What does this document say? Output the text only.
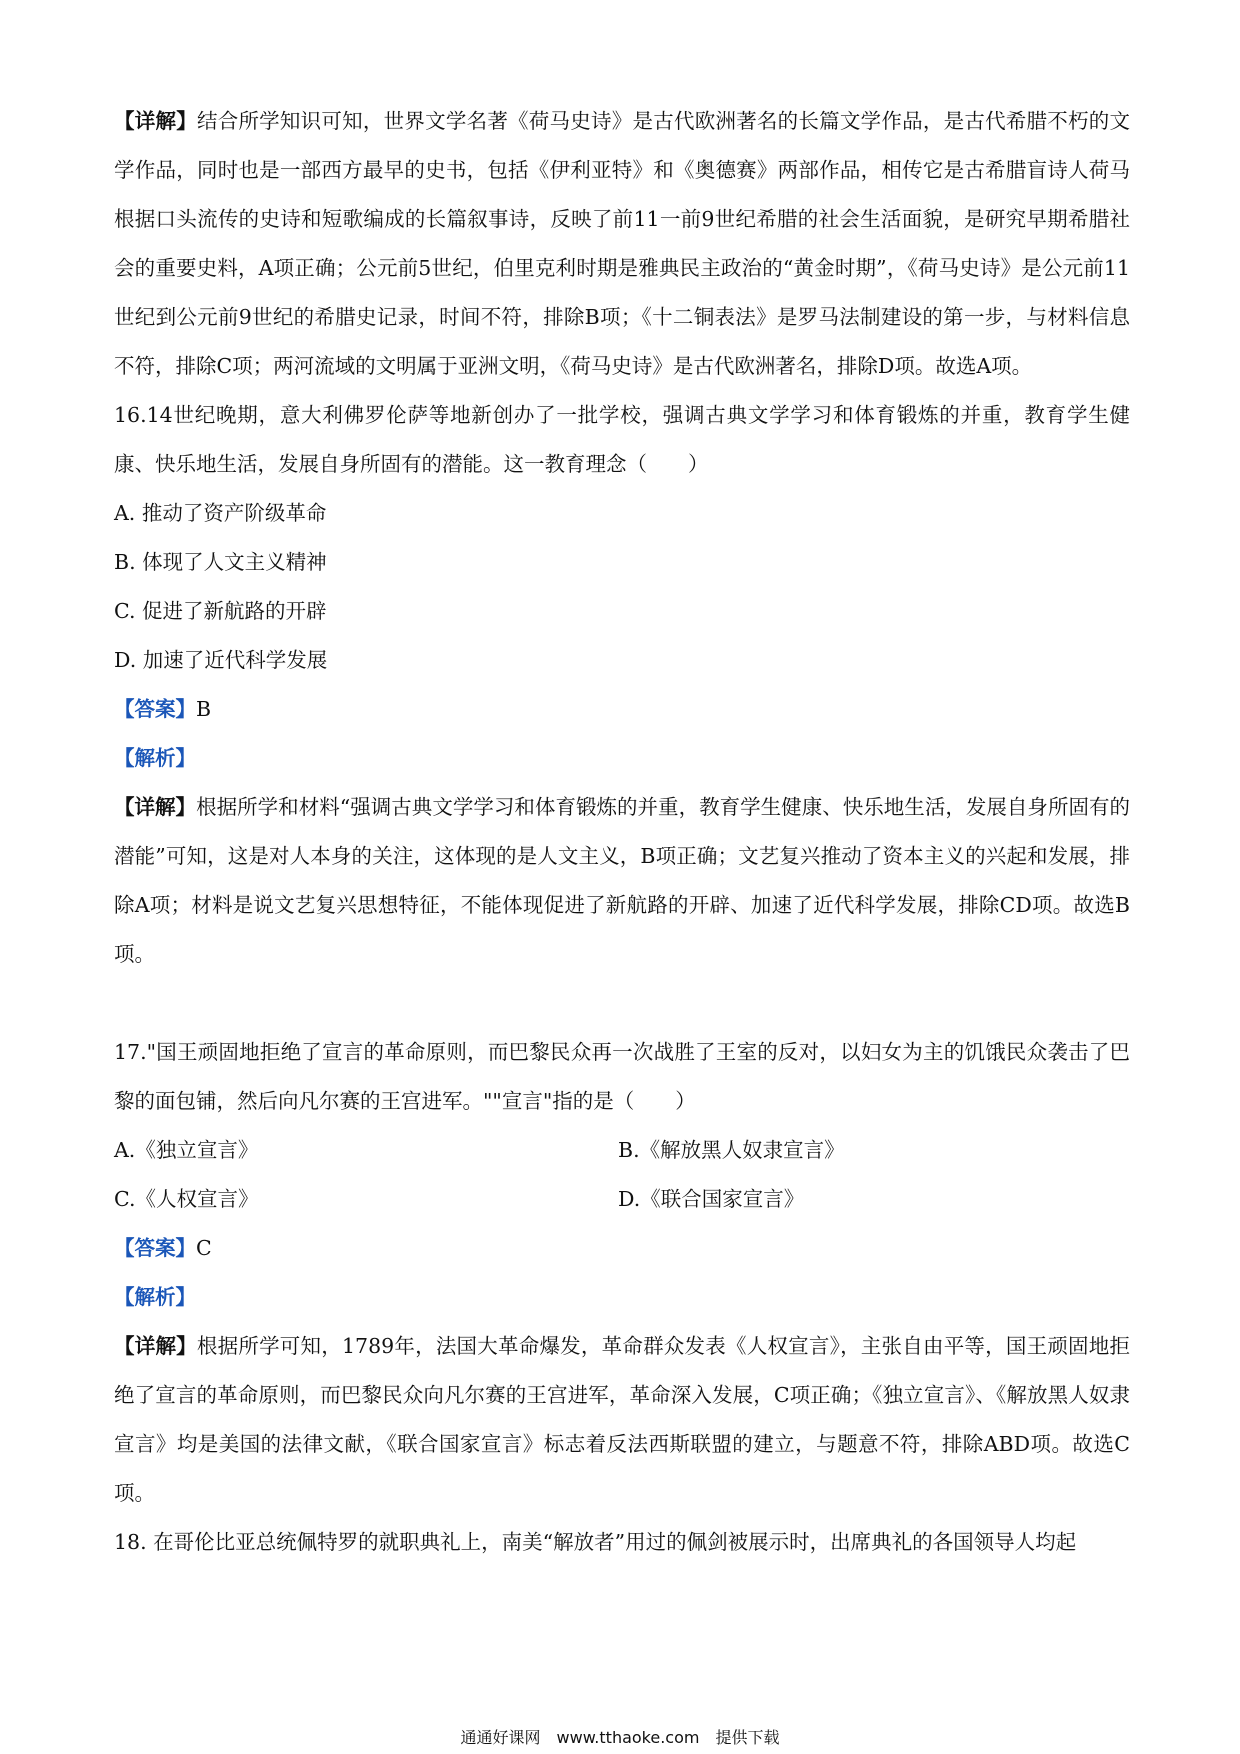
【详解】结合所学知识可知，世界文学名著《荷马史诗》是古代欧洲著名的长篇文学作品，是古代希腊不朽的文学作品，同时也是一部西方最早的史书，包括《伊利亚特》和《奥德赛》两部作品，相传它是古希腊盲诗人荷马根据口头流传的史诗和短歌编成的长篇叙事诗，反映了前11一前9世纪希腊的社会生活面貌，是研究早期希腊社会的重要史料，A项正确；公元前5世纪，伯里克利时期是雅典民主政治的“黄金时期”，《荷马史诗》是公元前11世纪到公元前9世纪的希腊史记录，时间不符，排除B项；《十二铜表法》是罗马法制建设的第一步，与材料信息不符，排除C项；两河流域的文明属于亚洲文明，《荷马史诗》是古代欧洲著名，排除D项。故选A项。

16.14世纪晚期，意大利佛罗伦萨等地新创办了一批学校，强调古典文学学习和体育锻炼的并重，教育学生健康、快乐地生活，发展自身所固有的潜能。这一教育理念（　　）

A. 推动了资产阶级革命

B. 体现了人文主义精神

C. 促进了新航路的开辟

D. 加速了近代科学发展

【答案】B

【解析】

【详解】根据所学和材料“强调古典文学学习和体育锻炼的并重，教育学生健康、快乐地生活，发展自身所固有的潜能”可知，这是对人本身的关注，这体现的是人文主义，B项正确；文艺复兴推动了资本主义的兴起和发展，排除A项；材料是说文艺复兴思想特征，不能体现促进了新航路的开辟、加速了近代科学发展，排除CD项。故选B项。

17."国王顽固地拒绝了宣言的革命原则，而巴黎民众再一次战胜了王室的反对，以妇女为主的饥饿民众袭击了巴黎的面包铺，然后向凡尔赛的王宫进军。""宣言"指的是（　　）

A.《独立宣言》	B.《解放黑人奴隶宣言》
C.《人权宣言》	D.《联合国家宣言》

【答案】C

【解析】

【详解】根据所学可知，1789年，法国大革命爆发，革命群众发表《人权宣言》，主张自由平等，国王顽固地拒绝了宣言的革命原则，而巴黎民众向凡尔赛的王宫进军，革命深入发展，C项正确；《独立宣言》、《解放黑人奴隶宣言》均是美国的法律文献，《联合国家宣言》标志着反法西斯联盟的建立，与题意不符，排除ABD项。故选C项。

18. 在哥伦比亚总统佩特罗的就职典礼上，南美“解放者”用过的佩剑被展示时，出席典礼的各国领导人均起

通通好课网　www.tthaoke.com　提供下载
